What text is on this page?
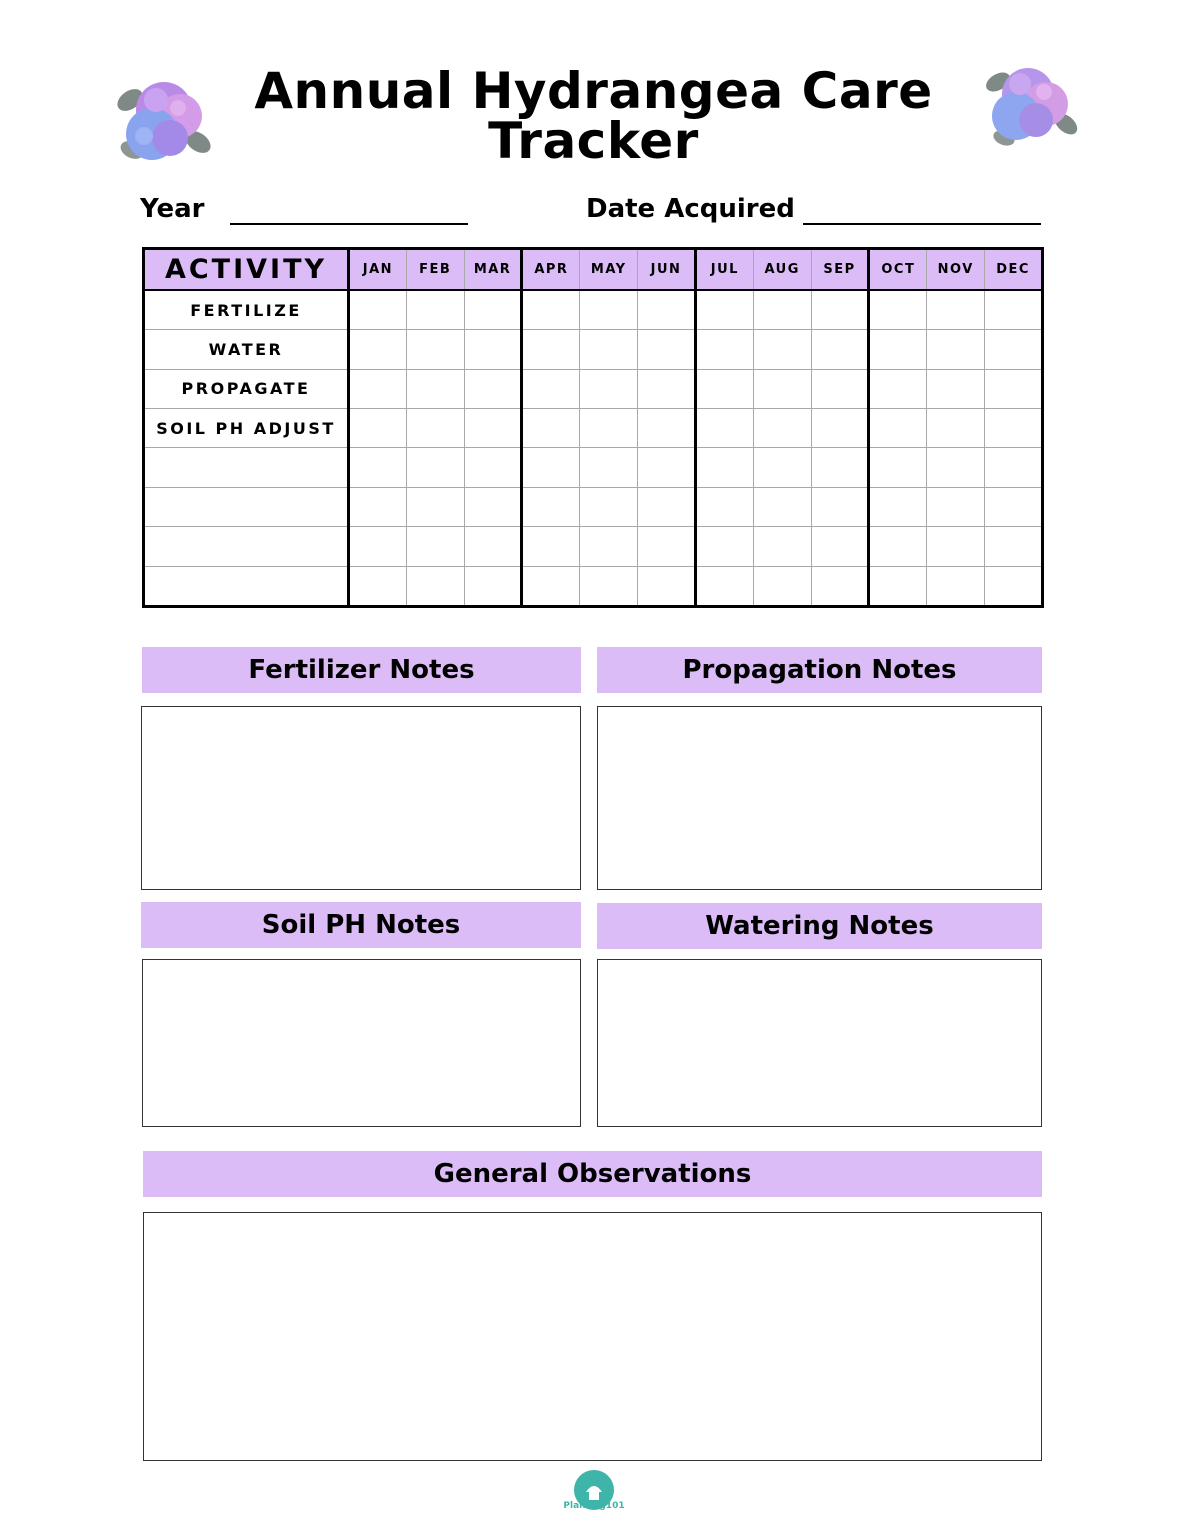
Annual Hydrangea Care
Tracker
Year	Date Acquired
ACTIVITY	JAN	FEB	MAR	APR	MAY	JUN	JUL	AUG	SEP	OCT	NOV	DEC
FERTILIZE												
WATER												
PROPAGATE												
SOIL PH ADJUST												

Fertilizer Notes	Propagation Notes
Soil PH Notes	Watering Notes
General Observations
Planting101
